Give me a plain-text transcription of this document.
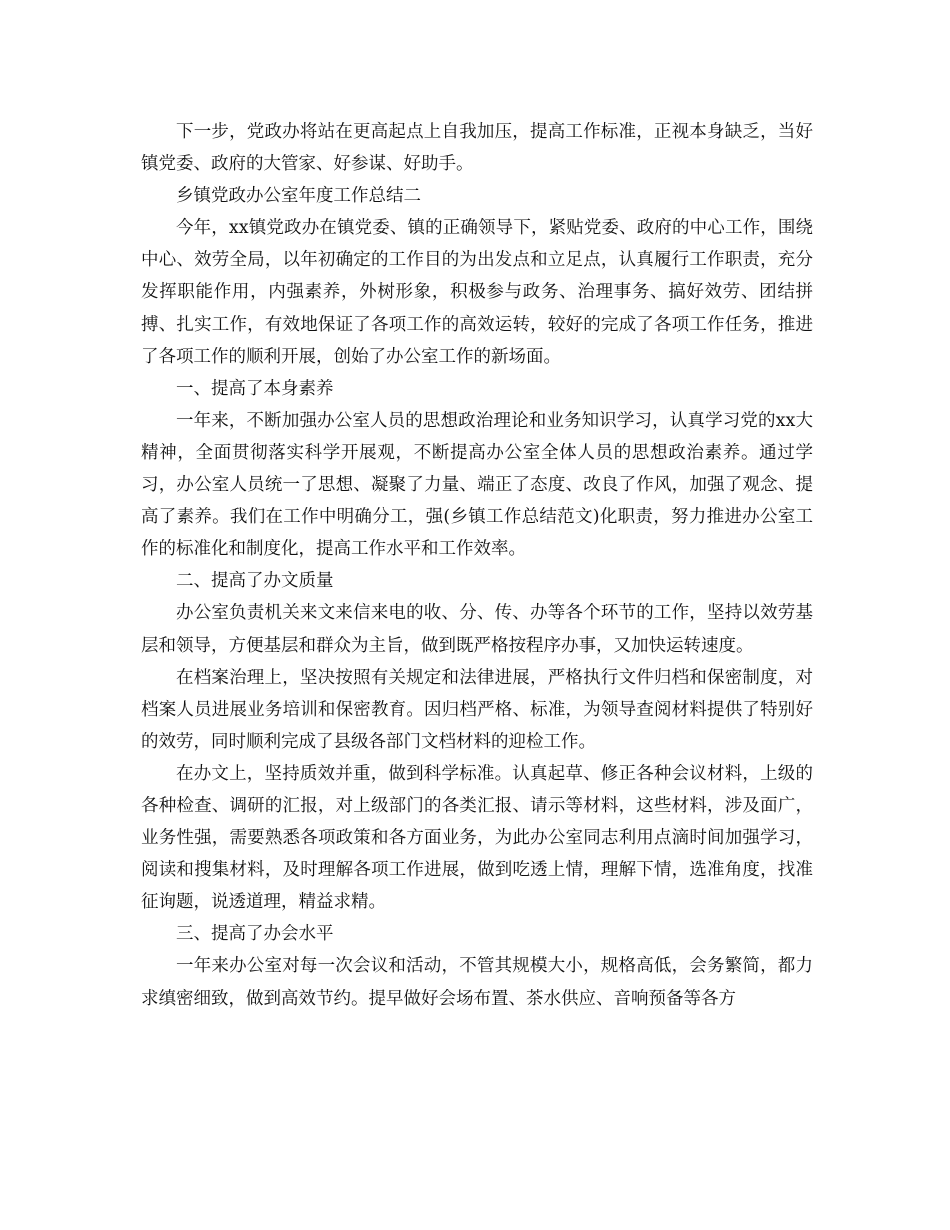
下一步，党政办将站在更高起点上自我加压，提高工作标准，正视本身缺乏，当好镇党委、政府的大管家、好参谋、好助手。

乡镇党政办公室年度工作总结二

今年，xx镇党政办在镇党委、镇的正确领导下，紧贴党委、政府的中心工作，围绕中心、效劳全局，以年初确定的工作目的为出发点和立足点，认真履行工作职责，充分发挥职能作用，内强素养，外树形象，积极参与政务、治理事务、搞好效劳、团结拼搏、扎实工作，有效地保证了各项工作的高效运转，较好的完成了各项工作任务，推进了各项工作的顺利开展，创始了办公室工作的新场面。

一、提高了本身素养

一年来，不断加强办公室人员的思想政治理论和业务知识学习，认真学习党的xx大精神，全面贯彻落实科学开展观，不断提高办公室全体人员的思想政治素养。通过学习，办公室人员统一了思想、凝聚了力量、端正了态度、改良了作风，加强了观念、提高了素养。我们在工作中明确分工，强(乡镇工作总结范文)化职责，努力推进办公室工作的标准化和制度化，提高工作水平和工作效率。

二、提高了办文质量

办公室负责机关来文来信来电的收、分、传、办等各个环节的工作，坚持以效劳基层和领导，方便基层和群众为主旨，做到既严格按程序办事，又加快运转速度。

在档案治理上，坚决按照有关规定和法律进展，严格执行文件归档和保密制度，对档案人员进展业务培训和保密教育。因归档严格、标准，为领导查阅材料提供了特别好的效劳，同时顺利完成了县级各部门文档材料的迎检工作。

在办文上，坚持质效并重，做到科学标准。认真起草、修正各种会议材料，上级的各种检查、调研的汇报，对上级部门的各类汇报、请示等材料，这些材料，涉及面广，业务性强，需要熟悉各项政策和各方面业务，为此办公室同志利用点滴时间加强学习，阅读和搜集材料，及时理解各项工作进展，做到吃透上情，理解下情，选准角度，找准征询题，说透道理，精益求精。

三、提高了办会水平

一年来办公室对每一次会议和活动，不管其规模大小，规格高低，会务繁简，都力求缜密细致，做到高效节约。提早做好会场布置、茶水供应、音响预备等各方
